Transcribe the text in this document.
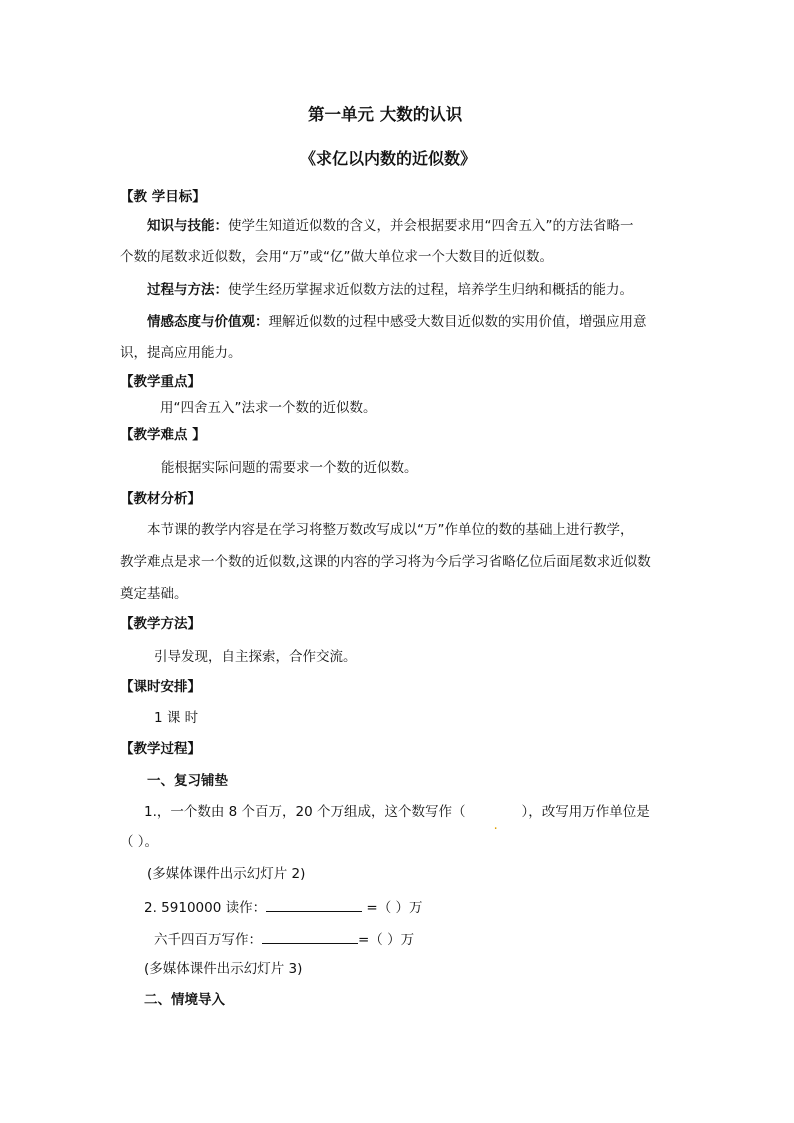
第一单元 大数的认识
《求亿以内数的近似数》
【教 学目标】
知识与技能：使学生知道近似数的含义，并会根据要求用“四舍五入”的方法省略一
个数的尾数求近似数，会用“万”或“亿”做大单位求一个大数目的近似数。
过程与方法：使学生经历掌握求近似数方法的过程，培养学生归纳和概括的能力。
情感态度与价值观：理解近似数的过程中感受大数目近似数的实用价值，增强应用意
识，提高应用能力。
【教学重点】
用“四舍五入”法求一个数的近似数。
【教学难点 】
能根据实际问题的需要求一个数的近似数。
【教材分析】
本节课的教学内容是在学习将整万数改写成以“万”作单位的数的基础上进行教学，
教学难点是求一个数的近似数,这课的内容的学习将为今后学习省略亿位后面尾数求近似数
奠定基础。
【教学方法】
引导发现，自主探索，合作交流。
【课时安排】
1 课 时
【教学过程】
一、复习铺垫
1.，一个数由 8 个百万，20 个万组成，这个数写作（
.
），改写用万作单位是
（ ）。
(多媒体课件出示幻灯片 2)
2. 5910000 读作：	=（ ）万
六千四百万写作：	=（ ）万
(多媒体课件出示幻灯片 3)
二、情境导入
